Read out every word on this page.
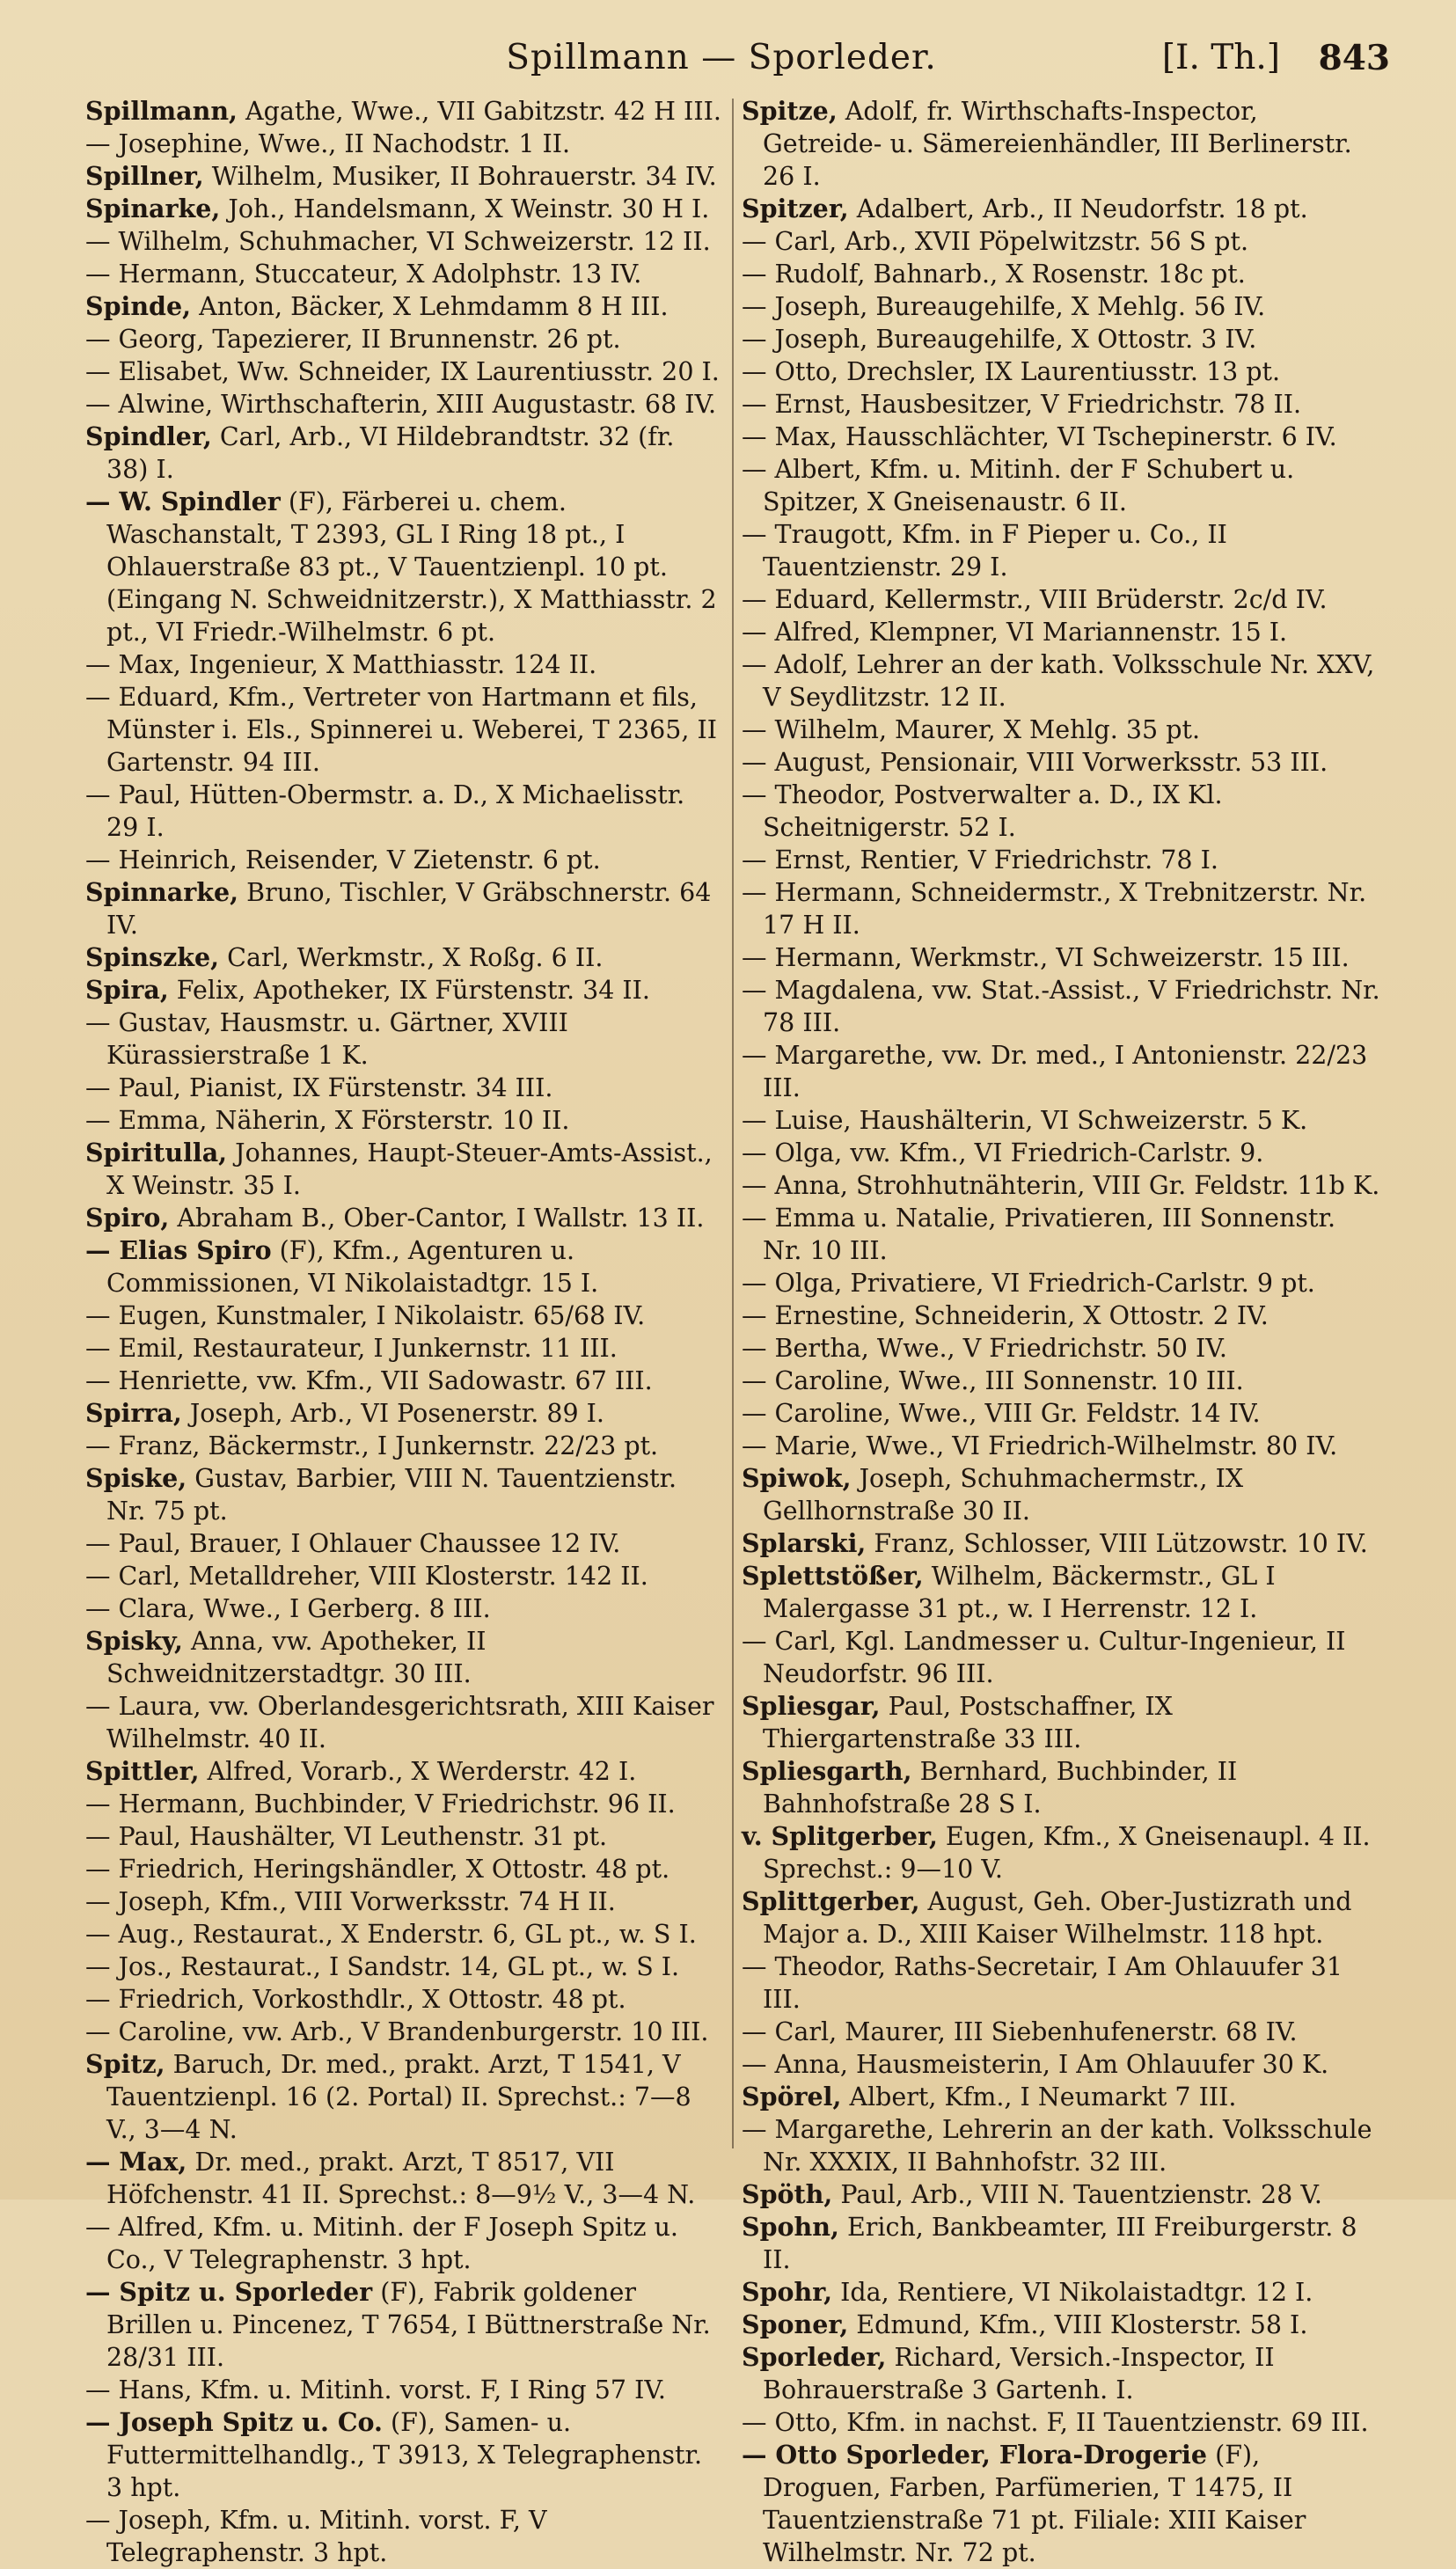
Spillmann — Sporleder.	[I. Th.] 843

Spillmann, Agathe, Wwe., VII Gabitzstr. 42 H III.

— Josephine, Wwe., II Nachodstr. 1 II.

Spillner, Wilhelm, Musiker, II Bohrauerstr. 34 IV.

Spinarke, Joh., Handelsmann, X Weinstr. 30 H I.

— Wilhelm, Schuhmacher, VI Schweizerstr. 12 II.

— Hermann, Stuccateur, X Adolphstr. 13 IV.

Spinde, Anton, Bäcker, X Lehmdamm 8 H III.

— Georg, Tapezierer, II Brunnenstr. 26 pt.

— Elisabet, Ww. Schneider, IX Laurentiusstr. 20 I.

— Alwine, Wirthschafterin, XIII Augustastr. 68 IV.

Spindler, Carl, Arb., VI Hildebrandtstr. 32 (fr. 38) I.

— W. Spindler (F), Färberei u. chem. Waschanstalt, T 2393, GL I Ring 18 pt., I Ohlauerstraße 83 pt., V Tauentzienpl. 10 pt. (Eingang N. Schweidnitzerstr.), X Matthiasstr. 2 pt., VI Friedr.-Wilhelmstr. 6 pt.

— Max, Ingenieur, X Matthiasstr. 124 II.

— Eduard, Kfm., Vertreter von Hartmann et fils, Münster i. Els., Spinnerei u. Weberei, T 2365, II Gartenstr. 94 III.

— Paul, Hütten-Obermstr. a. D., X Michaelisstr. 29 I.

— Heinrich, Reisender, V Zietenstr. 6 pt.

Spinnarke, Bruno, Tischler, V Gräbschnerstr. 64 IV.

Spinszke, Carl, Werkmstr., X Roßg. 6 II.

Spira, Felix, Apotheker, IX Fürstenstr. 34 II.

— Gustav, Hausmstr. u. Gärtner, XVIII Kürassierstraße 1 K.

— Paul, Pianist, IX Fürstenstr. 34 III.

— Emma, Näherin, X Försterstr. 10 II.

Spiritulla, Johannes, Haupt-Steuer-Amts-Assist., X Weinstr. 35 I.

Spiro, Abraham B., Ober-Cantor, I Wallstr. 13 II.

— Elias Spiro (F), Kfm., Agenturen u. Commissionen, VI Nikolaistadtgr. 15 I.

— Eugen, Kunstmaler, I Nikolaistr. 65/68 IV.

— Emil, Restaurateur, I Junkernstr. 11 III.

— Henriette, vw. Kfm., VII Sadowastr. 67 III.

Spirra, Joseph, Arb., VI Posenerstr. 89 I.

— Franz, Bäckermstr., I Junkernstr. 22/23 pt.

Spiske, Gustav, Barbier, VIII N. Tauentzienstr. Nr. 75 pt.

— Paul, Brauer, I Ohlauer Chaussee 12 IV.

— Carl, Metalldreher, VIII Klosterstr. 142 II.

— Clara, Wwe., I Gerberg. 8 III.

Spisky, Anna, vw. Apotheker, II Schweidnitzerstadtgr. 30 III.

— Laura, vw. Oberlandesgerichtsrath, XIII Kaiser Wilhelmstr. 40 II.

Spittler, Alfred, Vorarb., X Werderstr. 42 I.

— Hermann, Buchbinder, V Friedrichstr. 96 II.

— Paul, Haushälter, VI Leuthenstr. 31 pt.

— Friedrich, Heringshändler, X Ottostr. 48 pt.

— Joseph, Kfm., VIII Vorwerksstr. 74 H II.

— Aug., Restaurat., X Enderstr. 6, GL pt., w. S I.

— Jos., Restaurat., I Sandstr. 14, GL pt., w. S I.

— Friedrich, Vorkosthdlr., X Ottostr. 48 pt.

— Caroline, vw. Arb., V Brandenburgerstr. 10 III.

Spitz, Baruch, Dr. med., prakt. Arzt, T 1541, V Tauentzienpl. 16 (2. Portal) II. Sprechst.: 7—8 V., 3—4 N.

— Max, Dr. med., prakt. Arzt, T 8517, VII Höfchenstr. 41 II. Sprechst.: 8—9½ V., 3—4 N.

— Alfred, Kfm. u. Mitinh. der F Joseph Spitz u. Co., V Telegraphenstr. 3 hpt.

— Spitz u. Sporleder (F), Fabrik goldener Brillen u. Pincenez, T 7654, I Büttnerstraße Nr. 28/31 III.

— Hans, Kfm. u. Mitinh. vorst. F, I Ring 57 IV.

— Joseph Spitz u. Co. (F), Samen- u. Futtermittelhandlg., T 3913, X Telegraphenstr. 3 hpt.

— Joseph, Kfm. u. Mitinh. vorst. F, V Telegraphenstr. 3 hpt.

Spitze, Adolf, fr. Wirthschafts-Inspector, Getreide- u. Sämereienhändler, III Berlinerstr. 26 I.

Spitzer, Adalbert, Arb., II Neudorfstr. 18 pt.

— Carl, Arb., XVII Pöpelwitzstr. 56 S pt.

— Rudolf, Bahnarb., X Rosenstr. 18c pt.

— Joseph, Bureaugehilfe, X Mehlg. 56 IV.

— Joseph, Bureaugehilfe, X Ottostr. 3 IV.

— Otto, Drechsler, IX Laurentiusstr. 13 pt.

— Ernst, Hausbesitzer, V Friedrichstr. 78 II.

— Max, Hausschlächter, VI Tschepinerstr. 6 IV.

— Albert, Kfm. u. Mitinh. der F Schubert u. Spitzer, X Gneisenaustr. 6 II.

— Traugott, Kfm. in F Pieper u. Co., II Tauentzienstr. 29 I.

— Eduard, Kellermstr., VIII Brüderstr. 2c/d IV.

— Alfred, Klempner, VI Mariannenstr. 15 I.

— Adolf, Lehrer an der kath. Volksschule Nr. XXV, V Seydlitzstr. 12 II.

— Wilhelm, Maurer, X Mehlg. 35 pt.

— August, Pensionair, VIII Vorwerksstr. 53 III.

— Theodor, Postverwalter a. D., IX Kl. Scheitnigerstr. 52 I.

— Ernst, Rentier, V Friedrichstr. 78 I.

— Hermann, Schneidermstr., X Trebnitzerstr. Nr. 17 H II.

— Hermann, Werkmstr., VI Schweizerstr. 15 III.

— Magdalena, vw. Stat.-Assist., V Friedrichstr. Nr. 78 III.

— Margarethe, vw. Dr. med., I Antonienstr. 22/23 III.

— Luise, Haushälterin, VI Schweizerstr. 5 K.

— Olga, vw. Kfm., VI Friedrich-Carlstr. 9.

— Anna, Strohhutnähterin, VIII Gr. Feldstr. 11b K.

— Emma u. Natalie, Privatieren, III Sonnenstr. Nr. 10 III.

— Olga, Privatiere, VI Friedrich-Carlstr. 9 pt.

— Ernestine, Schneiderin, X Ottostr. 2 IV.

— Bertha, Wwe., V Friedrichstr. 50 IV.

— Caroline, Wwe., III Sonnenstr. 10 III.

— Caroline, Wwe., VIII Gr. Feldstr. 14 IV.

— Marie, Wwe., VI Friedrich-Wilhelmstr. 80 IV.

Spiwok, Joseph, Schuhmachermstr., IX Gellhornstraße 30 II.

Splarski, Franz, Schlosser, VIII Lützowstr. 10 IV.

Splettstößer, Wilhelm, Bäckermstr., GL I Malergasse 31 pt., w. I Herrenstr. 12 I.

— Carl, Kgl. Landmesser u. Cultur-Ingenieur, II Neudorfstr. 96 III.

Spliesgar, Paul, Postschaffner, IX Thiergartenstraße 33 III.

Spliesgarth, Bernhard, Buchbinder, II Bahnhofstraße 28 S I.

v. Splitgerber, Eugen, Kfm., X Gneisenaupl. 4 II. Sprechst.: 9—10 V.

Splittgerber, August, Geh. Ober-Justizrath und Major a. D., XIII Kaiser Wilhelmstr. 118 hpt.

— Theodor, Raths-Secretair, I Am Ohlauufer 31 III.

— Carl, Maurer, III Siebenhufenerstr. 68 IV.

— Anna, Hausmeisterin, I Am Ohlauufer 30 K.

Spörel, Albert, Kfm., I Neumarkt 7 III.

— Margarethe, Lehrerin an der kath. Volksschule Nr. XXXIX, II Bahnhofstr. 32 III.

Spöth, Paul, Arb., VIII N. Tauentzienstr. 28 V.

Spohn, Erich, Bankbeamter, III Freiburgerstr. 8 II.

Spohr, Ida, Rentiere, VI Nikolaistadtgr. 12 I.

Sponer, Edmund, Kfm., VIII Klosterstr. 58 I.

Sporleder, Richard, Versich.-Inspector, II Bohrauerstraße 3 Gartenh. I.

— Otto, Kfm. in nachst. F, II Tauentzienstr. 69 III.

— Otto Sporleder, Flora-Drogerie (F), Droguen, Farben, Parfümerien, T 1475, II Tauentzienstraße 71 pt. Filiale: XIII Kaiser Wilhelmstr. Nr. 72 pt.
